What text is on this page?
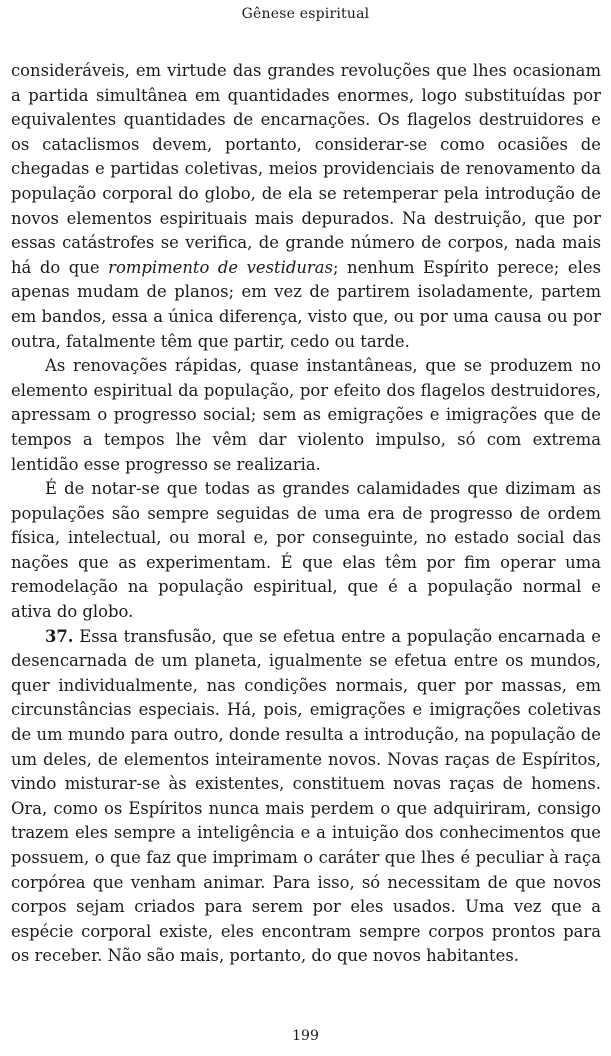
Gênese espiritual

consideráveis, em virtude das grandes revoluções que lhes ocasionam a partida simultânea em quantidades enormes, logo substituídas por equivalentes quantidades de encarnações. Os flagelos destruidores e os cataclismos devem, portanto, considerar-se como ocasiões de chegadas e partidas coletivas, meios providenciais de renovamento da população corporal do globo, de ela se retemperar pela introdução de novos elementos espirituais mais depurados. Na destruição, que por essas catástrofes se verifica, de grande número de corpos, nada mais há do que rompimento de vestiduras; nenhum Espírito perece; eles apenas mudam de planos; em vez de partirem isoladamente, partem em bandos, essa a única diferença, visto que, ou por uma causa ou por outra, fatalmente têm que partir, cedo ou tarde.

As renovações rápidas, quase instantâneas, que se produzem no elemento espiritual da população, por efeito dos flagelos destruidores, apressam o progresso social; sem as emigrações e imigrações que de tempos a tempos lhe vêm dar violento impulso, só com extrema lentidão esse progresso se realizaria.

É de notar-se que todas as grandes calamidades que dizimam as populações são sempre seguidas de uma era de progresso de ordem física, intelectual, ou moral e, por conseguinte, no estado social das nações que as experimentam. É que elas têm por fim operar uma remodelação na população espiritual, que é a população normal e ativa do globo.

37. Essa transfusão, que se efetua entre a população encarnada e desencarnada de um planeta, igualmente se efetua entre os mundos, quer individualmente, nas condições normais, quer por massas, em circunstâncias especiais. Há, pois, emigrações e imigrações coletivas de um mundo para outro, donde resulta a introdução, na população de um deles, de elementos inteiramente novos. Novas raças de Espíritos, vindo misturar-se às existentes, constituem novas raças de homens. Ora, como os Espíritos nunca mais perdem o que adquiriram, consigo trazem eles sempre a inteligência e a intuição dos conhecimentos que possuem, o que faz que imprimam o caráter que lhes é peculiar à raça corpórea que venham animar. Para isso, só necessitam de que novos corpos sejam criados para serem por eles usados. Uma vez que a espécie corporal existe, eles encontram sempre corpos prontos para os receber. Não são mais, portanto, do que novos habitantes.

199
